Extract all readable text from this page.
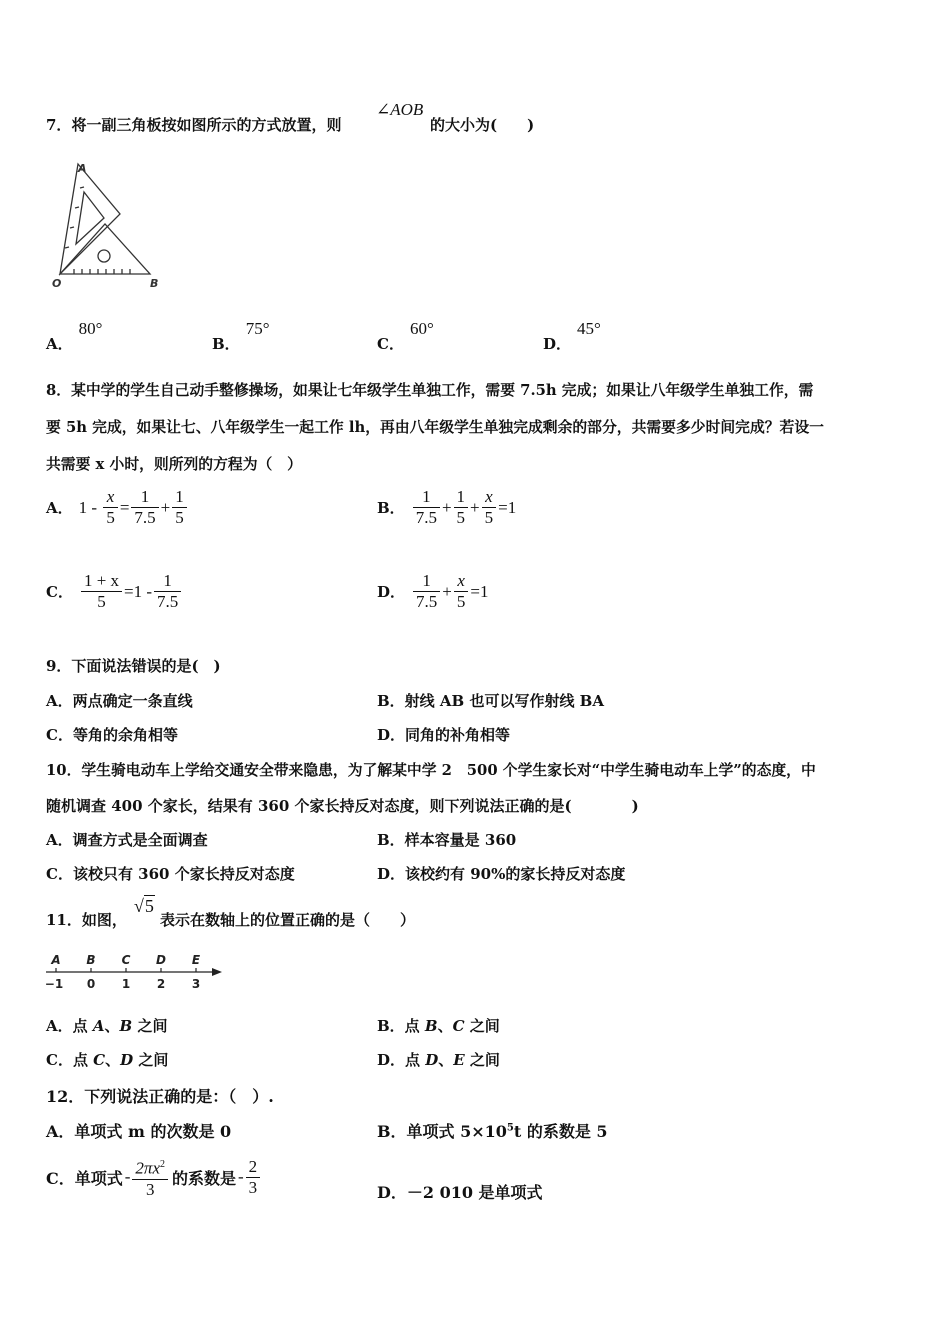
7．将一副三角板按如图所示的方式放置，则
∠AOB
的大小为(　　)
A
O	B
A．80°
B．75°
C．60°
D．45°
8．某中学的学生自己动手整修操场，如果让七年级学生单独工作，需要 7.5h 完成；如果让八年级学生单独工作，需
要 5h 完成，如果让七、八年级学生一起工作 lh，再由八年级学生单独完成剩余的部分，共需要多少时间完成？若设一
共需要 x 小时，则所列的方程为（　）
A． 1
-
$\frac{x}{5} = \frac{1}{7.5} + \frac{1}{5}$	B． $\frac{1}{7.5} + \frac{1}{5} + \frac{x}{5} =1$
C． $\frac{1 + x}{5} =1 - \frac{1}{7.5}$	D． $\frac{1}{7.5} + \frac{x}{5} =1$
9．下面说法错误的是(　)
A．两点确定一条直线	B．射线 AB 也可以写作射线 BA
C．等角的余角相等	D．同角的补角相等
10．学生骑电动车上学给交通安全带来隐患，为了解某中学 2　500 个学生家长对“中学生骑电动车上学”的态度，中
随机调查 400 个家长，结果有 360 个家长持反对态度，则下列说法正确的是(　　　　)
A．调查方式是全面调查	B．样本容量是 360
C．该校只有 360 个家长持反对态度	D．该校约有 90%的家长持反对态度
11．如图，
√5
表示在数轴上的位置正确的是（　　）
A B C D E
−1 0 1 2 3
A．点 A、B 之间	B．点 B、C 之间
C．点 C、D 之间	D．点 D、E 之间
12．下列说法正确的是：（　）.
A．单项式 m 的次数是 0	B．单项式 $5\times 10^5t$ 的系数是 5
C．单项式 - $\frac{2\pi x^2}{3}$ 的系数是 - $\frac{2}{3}$	D．－2 010 是单项式
